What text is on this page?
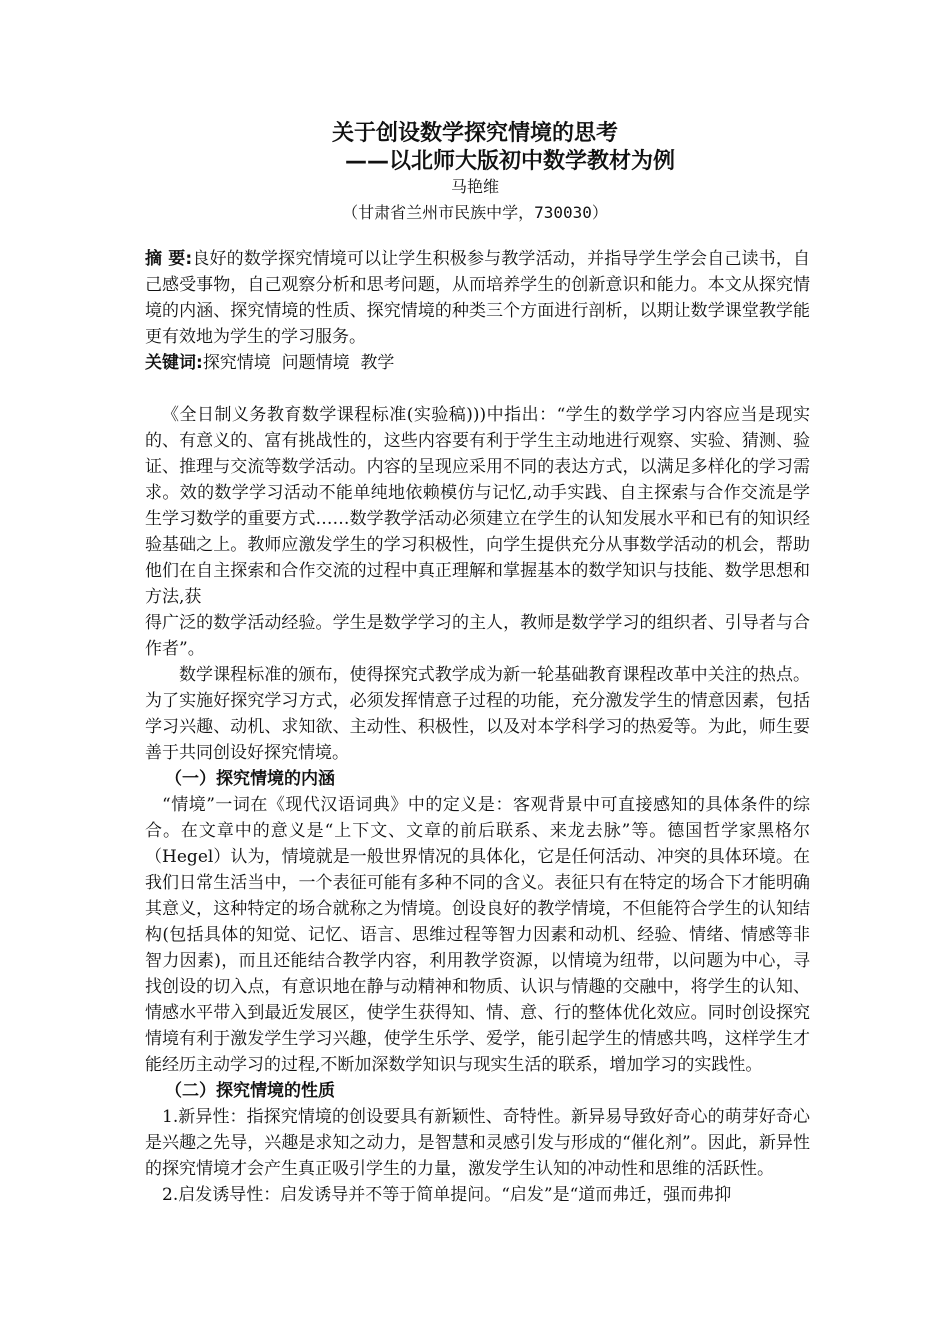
关于创设数学探究情境的思考
——以北师大版初中数学教材为例
马艳维
（甘肃省兰州市民族中学，730030）

摘 要:良好的数学探究情境可以让学生积极参与教学活动，并指导学生学会自己读书，自己感受事物，自己观察分析和思考问题，从而培养学生的创新意识和能力。本文从探究情境的内涵、探究情境的性质、探究情境的种类三个方面进行剖析，以期让数学课堂教学能更有效地为学生的学习服务。

关键词:探究情境  问题情境  教学

《全日制义务教育数学课程标准(实验稿)))中指出：“学生的数学学习内容应当是现实的、有意义的、富有挑战性的，这些内容要有利于学生主动地进行观察、实验、猜测、验证、推理与交流等数学活动。内容的呈现应采用不同的表达方式，以满足多样化的学习需求。效的数学学习活动不能单纯地依赖模仿与记忆,动手实践、自主探索与合作交流是学生学习数学的重要方式……数学教学活动必须建立在学生的认知发展水平和已有的知识经验基础之上。教师应激发学生的学习积极性，向学生提供充分从事数学活动的机会，帮助他们在自主探索和合作交流的过程中真正理解和掌握基本的数学知识与技能、数学思想和方法,获

得广泛的数学活动经验。学生是数学学习的主人，教师是数学学习的组织者、引导者与合作者”。

数学课程标准的颁布，使得探究式教学成为新一轮基础教育课程改革中关注的热点。为了实施好探究学习方式，必须发挥情意子过程的功能，充分激发学生的情意因素，包括学习兴趣、动机、求知欲、主动性、积极性，以及对本学科学习的热爱等。为此，师生要善于共同创设好探究情境。

（一）探究情境的内涵

“情境”一词在《现代汉语词典》中的定义是：客观背景中可直接感知的具体条件的综合。在文章中的意义是“上下文、文章的前后联系、来龙去脉”等。德国哲学家黑格尔（Hegel）认为，情境就是一般世界情况的具体化，它是任何活动、冲突的具体环境。在我们日常生活当中，一个表征可能有多种不同的含义。表征只有在特定的场合下才能明确其意义，这种特定的场合就称之为情境。创设良好的教学情境，不但能符合学生的认知结构(包括具体的知觉、记忆、语言、思维过程等智力因素和动机、经验、情绪、情感等非智力因素)，而且还能结合教学内容，利用教学资源，以情境为纽带，以问题为中心，寻找创设的切入点，有意识地在静与动精神和物质、认识与情趣的交融中，将学生的认知、情感水平带入到最近发展区，使学生获得知、情、意、行的整体优化效应。同时创设探究情境有利于激发学生学习兴趣，使学生乐学、爱学，能引起学生的情感共鸣，这样学生才能经历主动学习的过程,不断加深数学知识与现实生活的联系，增加学习的实践性。

（二）探究情境的性质

1.新异性：指探究情境的创设要具有新颖性、奇特性。新异易导致好奇心的萌芽好奇心是兴趣之先导，兴趣是求知之动力，是智慧和灵感引发与形成的“催化剂”。因此，新异性的探究情境才会产生真正吸引学生的力量，激发学生认知的冲动性和思维的活跃性。

2.启发诱导性：启发诱导并不等于简单提问。“启发”是“道而弗迁，强而弗抑
